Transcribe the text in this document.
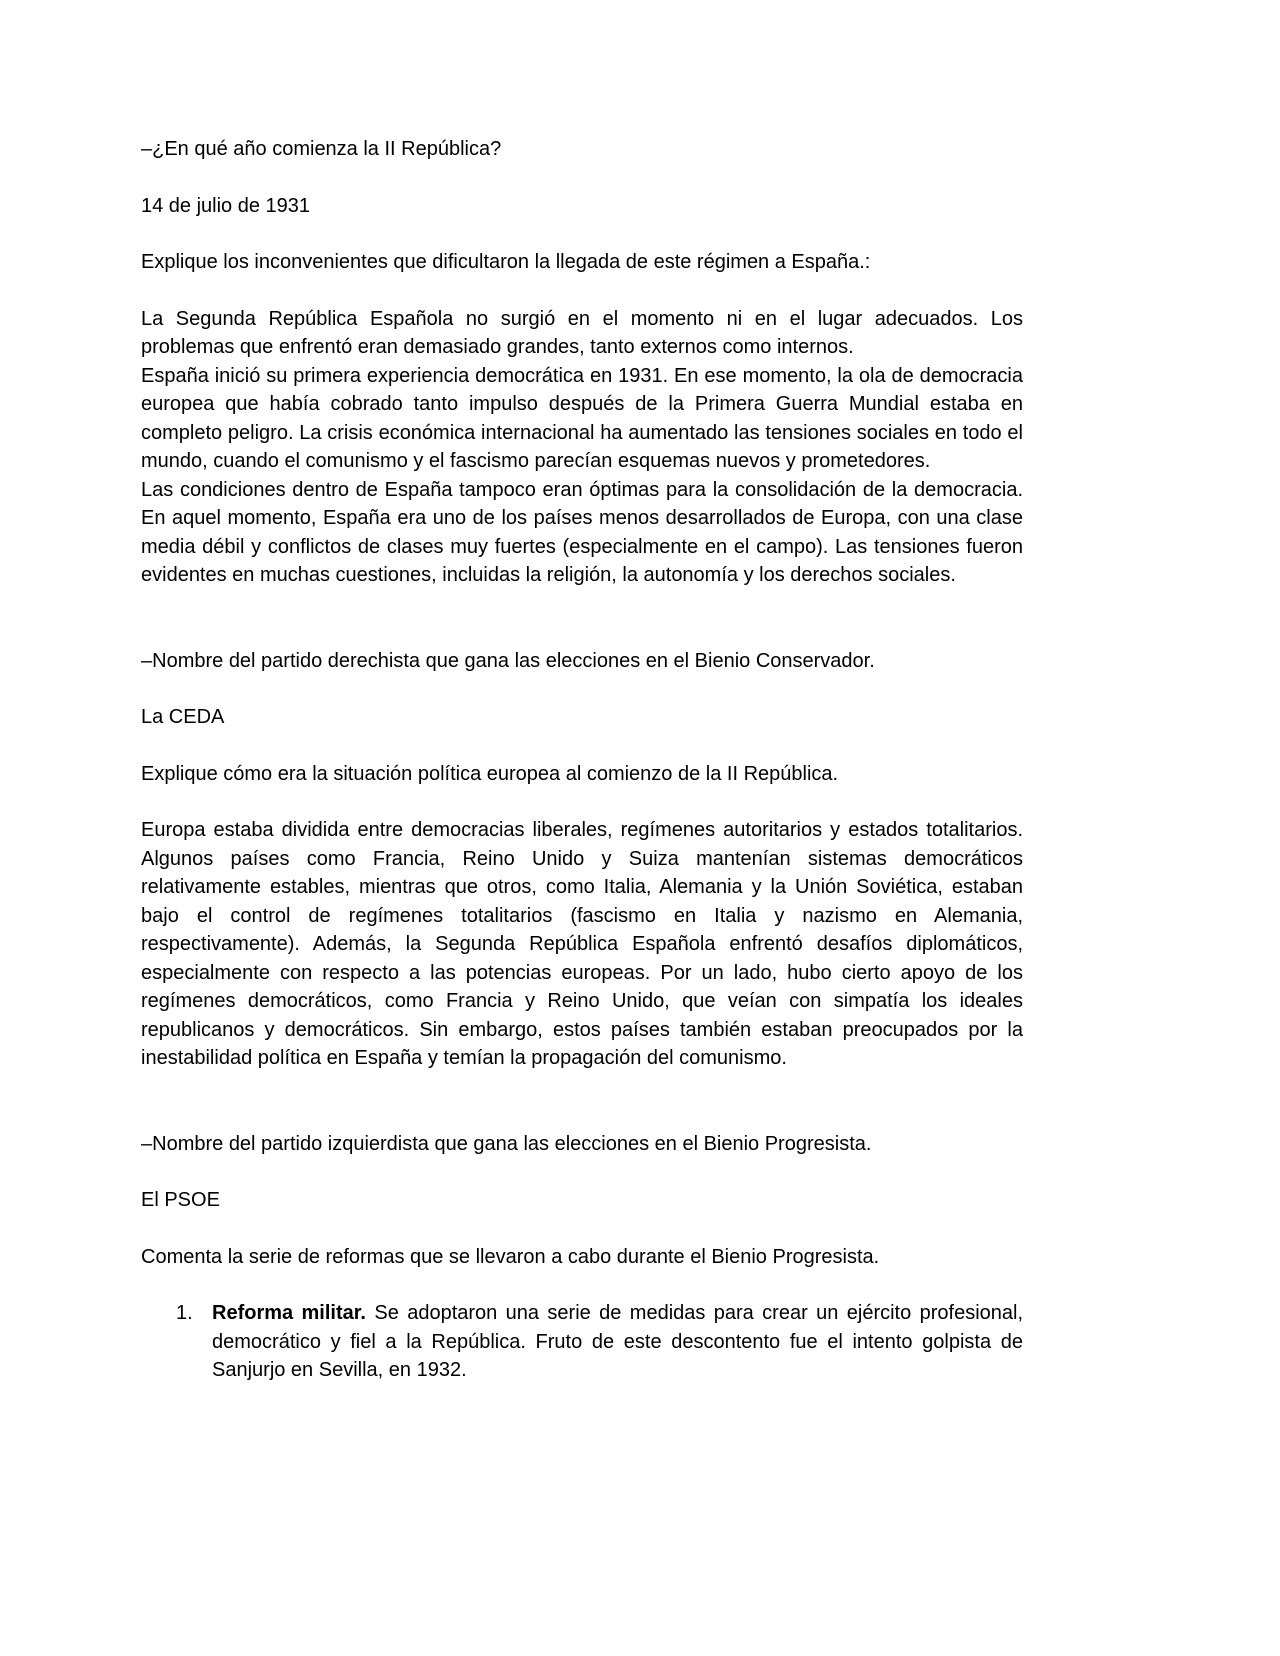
–¿En qué año comienza la II República?

14 de julio de 1931

Explique los inconvenientes que dificultaron la llegada de este régimen a España.:

La Segunda República Española no surgió en el momento ni en el lugar adecuados. Los problemas que enfrentó eran demasiado grandes, tanto externos como internos.

España inició su primera experiencia democrática en 1931. En ese momento, la ola de democracia europea que había cobrado tanto impulso después de la Primera Guerra Mundial estaba en completo peligro. La crisis económica internacional ha aumentado las tensiones sociales en todo el mundo, cuando el comunismo y el fascismo parecían esquemas nuevos y prometedores.

Las condiciones dentro de España tampoco eran óptimas para la consolidación de la democracia. En aquel momento, España era uno de los países menos desarrollados de Europa, con una clase media débil y conflictos de clases muy fuertes (especialmente en el campo). Las tensiones fueron evidentes en muchas cuestiones, incluidas la religión, la autonomía y los derechos sociales.

–Nombre del partido derechista que gana las elecciones en el Bienio Conservador.

La CEDA

Explique cómo era la situación política europea al comienzo de la II República.

Europa estaba dividida entre democracias liberales, regímenes autoritarios y estados totalitarios. Algunos países como Francia, Reino Unido y Suiza mantenían sistemas democráticos relativamente estables, mientras que otros, como Italia, Alemania y la Unión Soviética, estaban bajo el control de regímenes totalitarios (fascismo en Italia y nazismo en Alemania, respectivamente). Además, la Segunda República Española enfrentó desafíos diplomáticos, especialmente con respecto a las potencias europeas. Por un lado, hubo cierto apoyo de los regímenes democráticos, como Francia y Reino Unido, que veían con simpatía los ideales republicanos y democráticos. Sin embargo, estos países también estaban preocupados por la inestabilidad política en España y temían la propagación del comunismo.

–Nombre del partido izquierdista que gana las elecciones en el Bienio Progresista.

El PSOE

Comenta la serie de reformas que se llevaron a cabo durante el Bienio Progresista.

1. Reforma militar. Se adoptaron una serie de medidas para crear un ejército profesional, democrático y fiel a la República. Fruto de este descontento fue el intento golpista de Sanjurjo en Sevilla, en 1932.
